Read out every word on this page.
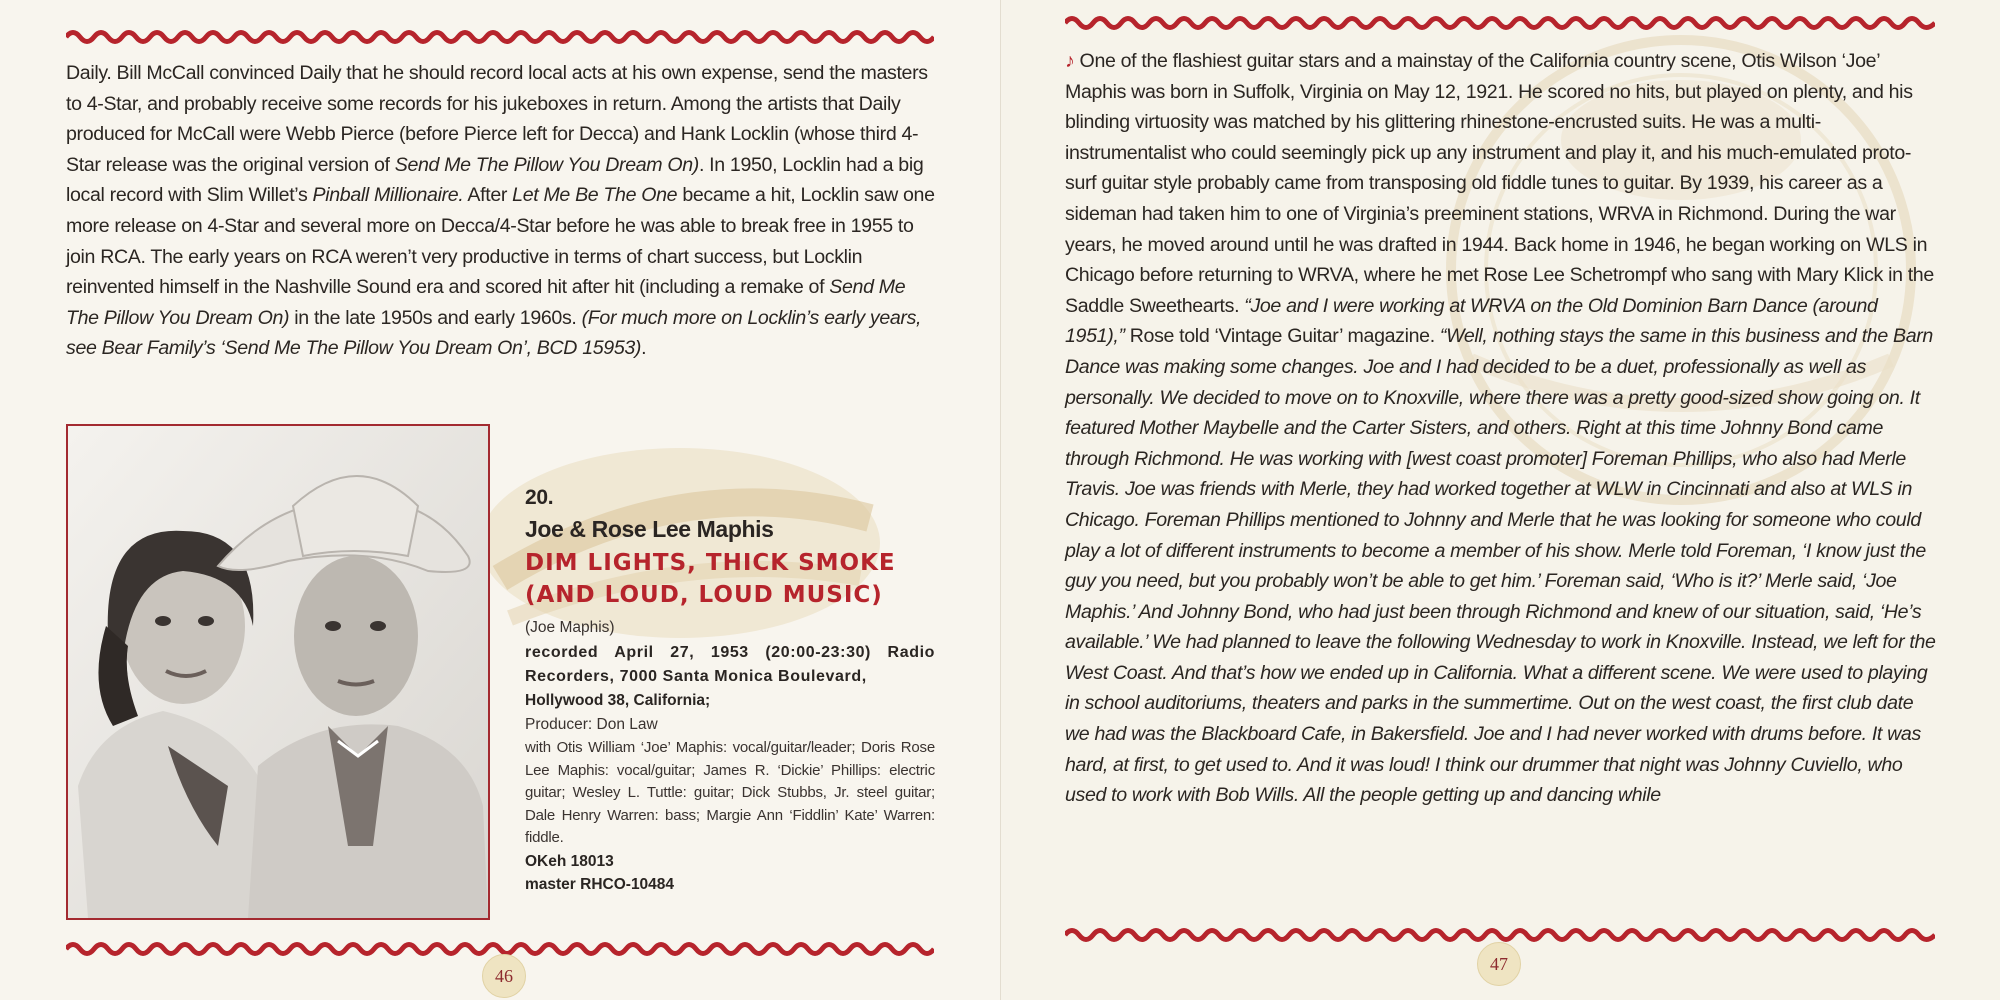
Daily. Bill McCall convinced Daily that he should record local acts at his own expense, send the masters to 4-Star, and probably receive some records for his jukeboxes in return. Among the artists that Daily produced for McCall were Webb Pierce (before Pierce left for Decca) and Hank Locklin (whose third 4-Star release was the original version of Send Me The Pillow You Dream On). In 1950, Locklin had a big local record with Slim Willet’s Pinball Millionaire. After Let Me Be The One became a hit, Locklin saw one more release on 4-Star and several more on Decca/4-Star before he was able to break free in 1955 to join RCA. The early years on RCA weren’t very productive in terms of chart success, but Locklin reinvented himself in the Nashville Sound era and scored hit after hit (including a remake of Send Me The Pillow You Dream On) in the late 1950s and early 1960s. (For much more on Locklin’s early years, see Bear Family’s ‘Send Me The Pillow You Dream On’, BCD 15953).
20.
Joe & Rose Lee Maphis
DIM LIGHTS, THICK SMOKE
(AND LOUD, LOUD MUSIC)
(Joe Maphis)
recorded April 27, 1953 (20:00-23:30) Radio Recorders, 7000 Santa Monica Boulevard,
Hollywood 38, California;
Producer: Don Law
with Otis William ‘Joe’ Maphis: vocal/guitar/leader; Doris Rose Lee Maphis: vocal/guitar; James R. ‘Dickie’ Phillips: electric guitar; Wesley L. Tuttle: guitar; Dick Stubbs, Jr. steel guitar; Dale Henry Warren: bass; Margie Ann ‘Fiddlin’ Kate’ Warren: fiddle.
OKeh 18013
master RHCO-10484
46
♪ One of the flashiest guitar stars and a mainstay of the California country scene, Otis Wilson ‘Joe’ Maphis was born in Suffolk, Virginia on May 12, 1921. He scored no hits, but played on plenty, and his blinding virtuosity was matched by his glittering rhinestone-encrusted suits. He was a multi-instrumentalist who could seemingly pick up any instrument and play it, and his much-emulated proto-surf guitar style probably came from transposing old fiddle tunes to guitar. By 1939, his career as a sideman had taken him to one of Virginia’s preeminent stations, WRVA in Richmond. During the war years, he moved around until he was drafted in 1944. Back home in 1946, he began working on WLS in Chicago before returning to WRVA, where he met Rose Lee Schetrompf who sang with Mary Klick in the Saddle Sweethearts. “Joe and I were working at WRVA on the Old Dominion Barn Dance (around 1951),” Rose told ‘Vintage Guitar’ magazine. “Well, nothing stays the same in this business and the Barn Dance was making some changes. Joe and I had decided to be a duet, professionally as well as personally. We decided to move on to Knoxville, where there was a pretty good-sized show going on. It featured Mother Maybelle and the Carter Sisters, and others. Right at this time Johnny Bond came through Richmond. He was working with [west coast promoter] Foreman Phillips, who also had Merle Travis. Joe was friends with Merle, they had worked together at WLW in Cincinnati and also at WLS in Chicago. Foreman Phillips mentioned to Johnny and Merle that he was looking for someone who could play a lot of different instruments to become a member of his show. Merle told Foreman, ‘I know just the guy you need, but you probably won’t be able to get him.’ Foreman said, ‘Who is it?’ Merle said, ‘Joe Maphis.’ And Johnny Bond, who had just been through Richmond and knew of our situation, said, ‘He’s available.’ We had planned to leave the following Wednesday to work in Knoxville. Instead, we left for the West Coast. And that’s how we ended up in California. What a different scene. We were used to playing in school auditoriums, theaters and parks in the summertime. Out on the west coast, the first club date we had was the Blackboard Cafe, in Bakersfield. Joe and I had never worked with drums before. It was hard, at first, to get used to. And it was loud! I think our drummer that night was Johnny Cuviello, who used to work with Bob Wills. All the people getting up and dancing while
47
